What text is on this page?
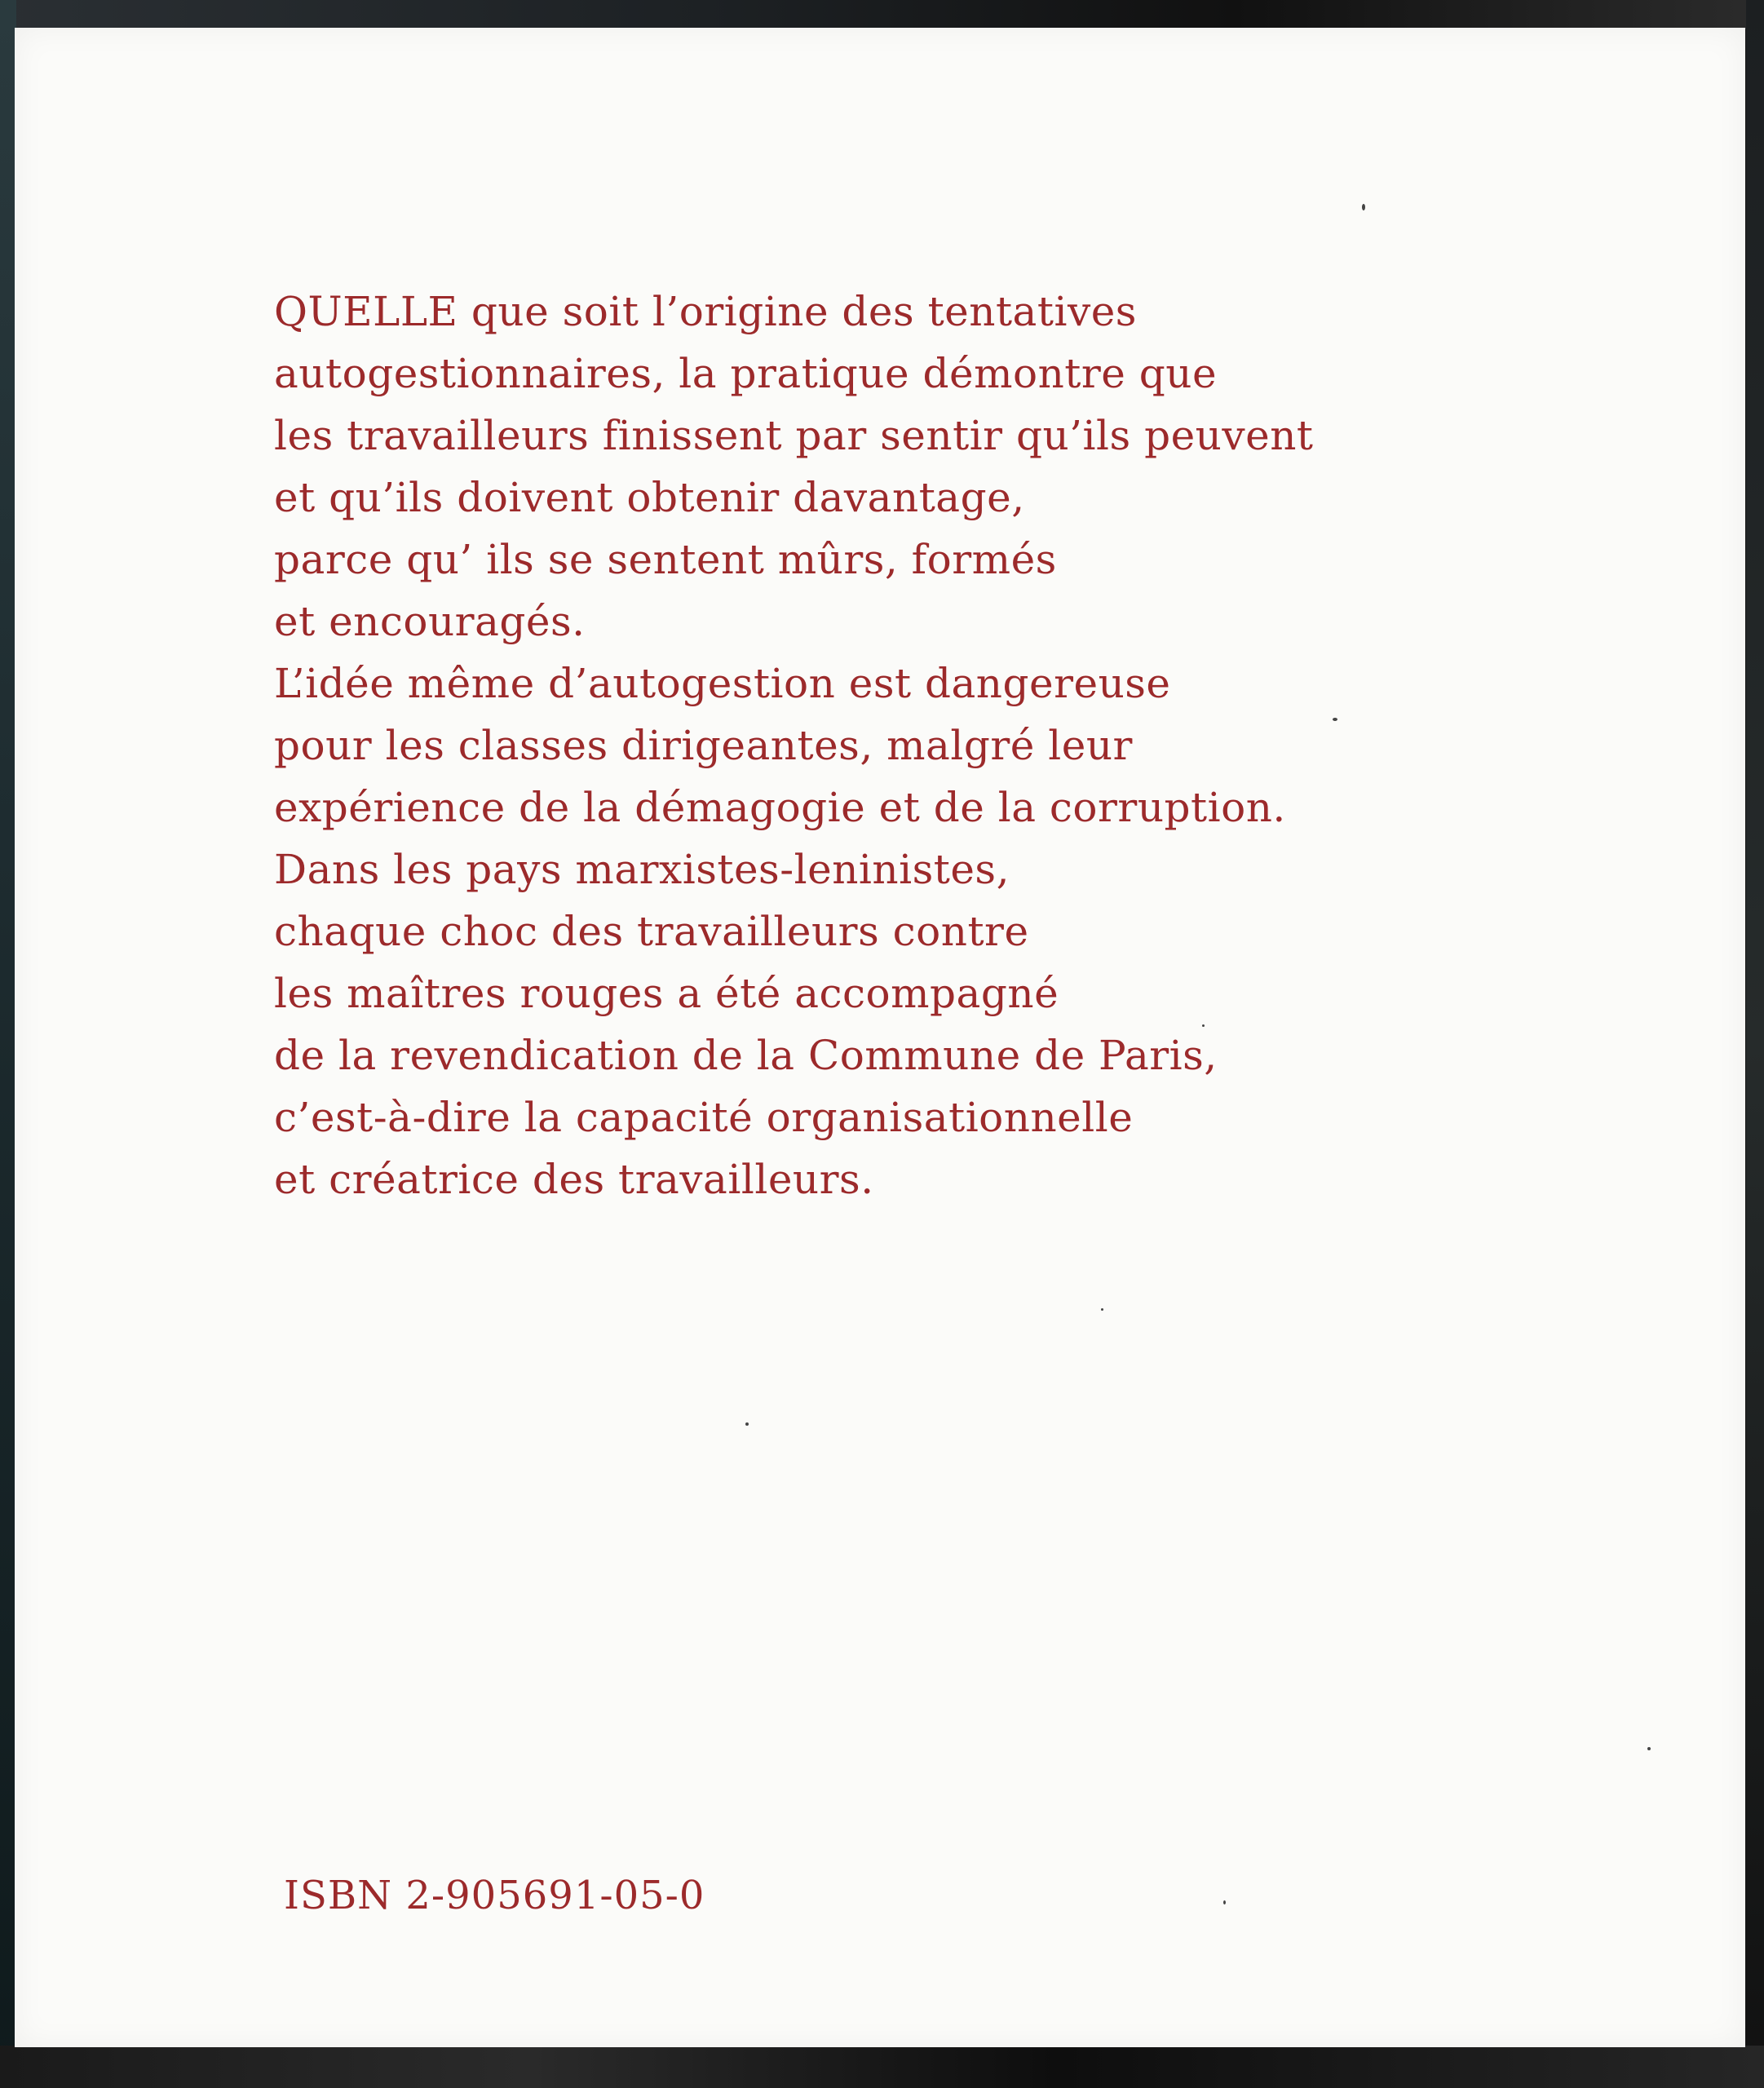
QUELLE que soit l’origine des tentatives
autogestionnaires, la pratique démontre que
les travailleurs finissent par sentir qu’ils peuvent
et qu’ils doivent obtenir davantage,
parce qu’ ils se sentent mûrs, formés
et encouragés.
L’idée même d’autogestion est dangereuse
pour les classes dirigeantes, malgré leur
expérience de la démagogie et de la corruption.
Dans les pays marxistes-leninistes,
chaque choc des travailleurs contre
les maîtres rouges a été accompagné
de la revendication de la Commune de Paris,
c’est-à-dire la capacité organisationnelle
et créatrice des travailleurs.
ISBN 2-905691-05-0
